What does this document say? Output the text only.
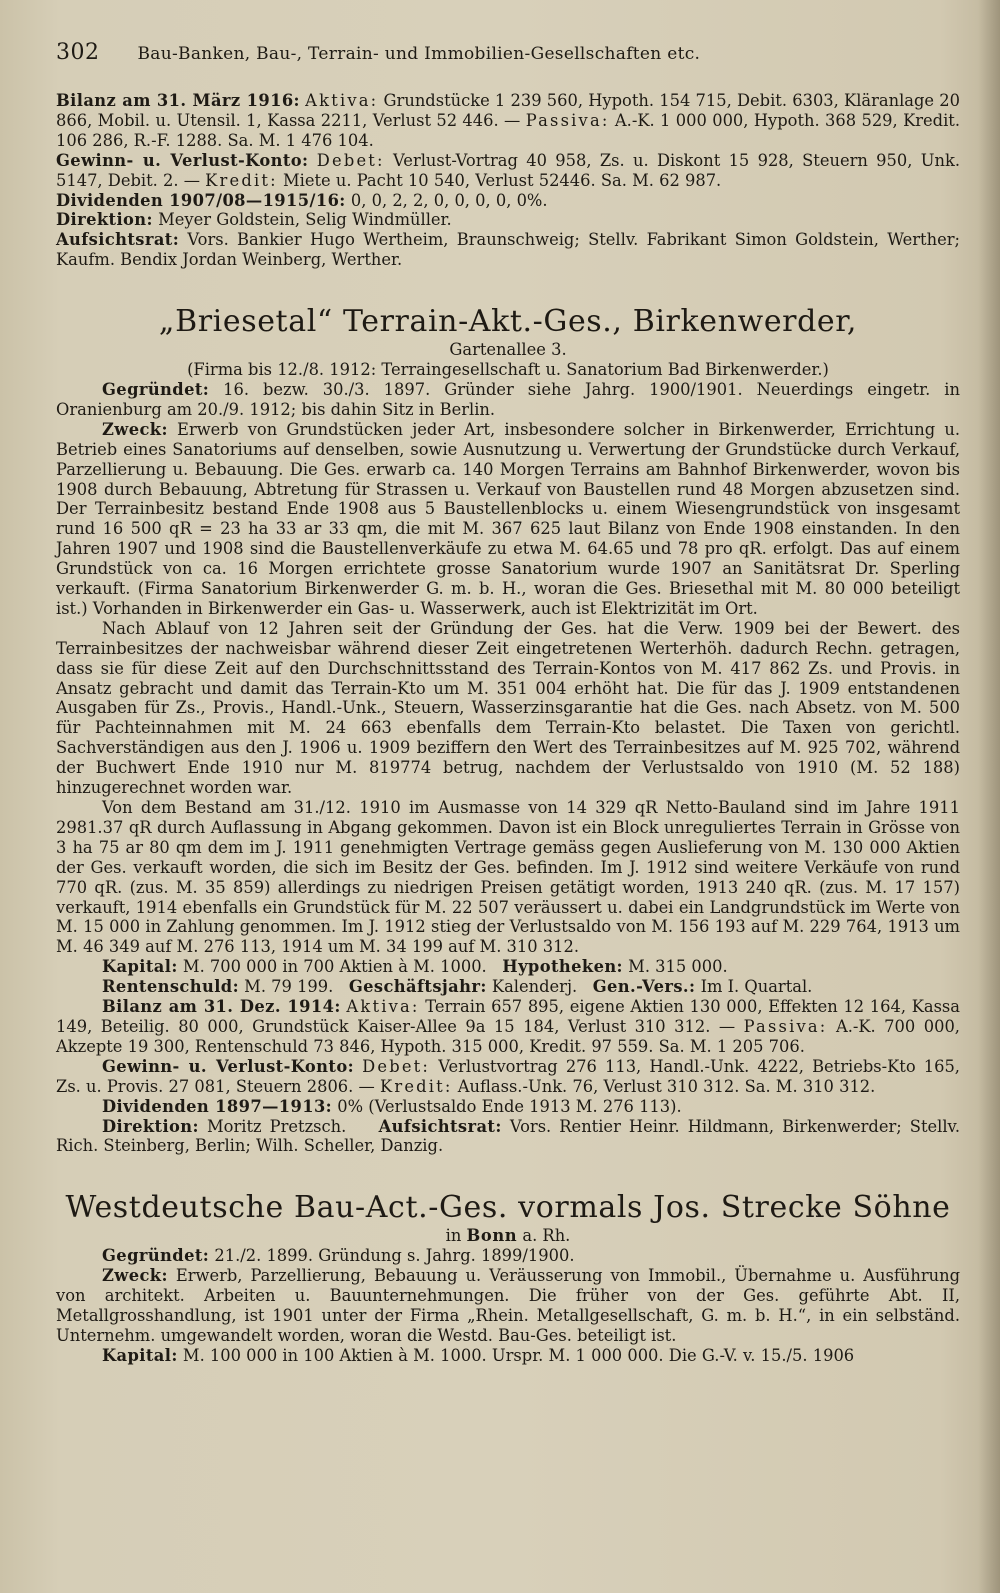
302 Bau-Banken, Bau-, Terrain- und Immobilien-Gesellschaften etc.

Bilanz am 31. März 1916: Aktiva: Grundstücke 1 239 560, Hypoth. 154 715, Debit. 6303, Kläranlage 20 866, Mobil. u. Utensil. 1, Kassa 2211, Verlust 52 446. — Passiva: A.-K. 1 000 000, Hypoth. 368 529, Kredit. 106 286, R.-F. 1288. Sa. M. 1 476 104.

Gewinn- u. Verlust-Konto: Debet: Verlust-Vortrag 40 958, Zs. u. Diskont 15 928, Steuern 950, Unk. 5147, Debit. 2. — Kredit: Miete u. Pacht 10 540, Verlust 52446. Sa. M. 62 987.

Dividenden 1907/08—1915/16: 0, 0, 2, 2, 0, 0, 0, 0, 0%.

Direktion: Meyer Goldstein, Selig Windmüller.

Aufsichtsrat: Vors. Bankier Hugo Wertheim, Braunschweig; Stellv. Fabrikant Simon Goldstein, Werther; Kaufm. Bendix Jordan Weinberg, Werther.

„Briesetal“ Terrain-Akt.-Ges., Birkenwerder,

Gartenallee 3.

(Firma bis 12./8. 1912: Terraingesellschaft u. Sanatorium Bad Birkenwerder.)

Gegründet: 16. bezw. 30./3. 1897. Gründer siehe Jahrg. 1900/1901. Neuerdings eingetr. in Oranienburg am 20./9. 1912; bis dahin Sitz in Berlin.

Zweck: Erwerb von Grundstücken jeder Art, insbesondere solcher in Birkenwerder, Errichtung u. Betrieb eines Sanatoriums auf denselben, sowie Ausnutzung u. Verwertung der Grundstücke durch Verkauf, Parzellierung u. Bebauung. Die Ges. erwarb ca. 140 Morgen Terrains am Bahnhof Birkenwerder, wovon bis 1908 durch Bebauung, Abtretung für Strassen u. Verkauf von Baustellen rund 48 Morgen abzusetzen sind. Der Terrainbesitz bestand Ende 1908 aus 5 Baustellenblocks u. einem Wiesengrundstück von insgesamt rund 16 500 qR = 23 ha 33 ar 33 qm, die mit M. 367 625 laut Bilanz von Ende 1908 einstanden. In den Jahren 1907 und 1908 sind die Baustellenverkäufe zu etwa M. 64.65 und 78 pro qR. erfolgt. Das auf einem Grundstück von ca. 16 Morgen errichtete grosse Sanatorium wurde 1907 an Sanitätsrat Dr. Sperling verkauft. (Firma Sanatorium Birkenwerder G. m. b. H., woran die Ges. Briesethal mit M. 80 000 beteiligt ist.) Vorhanden in Birkenwerder ein Gas- u. Wasserwerk, auch ist Elektrizität im Ort.

Nach Ablauf von 12 Jahren seit der Gründung der Ges. hat die Verw. 1909 bei der Bewert. des Terrainbesitzes der nachweisbar während dieser Zeit eingetretenen Werterhöh. dadurch Rechn. getragen, dass sie für diese Zeit auf den Durchschnittsstand des Terrain-Kontos von M. 417 862 Zs. und Provis. in Ansatz gebracht und damit das Terrain-Kto um M. 351 004 erhöht hat. Die für das J. 1909 entstandenen Ausgaben für Zs., Provis., Handl.-Unk., Steuern, Wasserzinsgarantie hat die Ges. nach Absetz. von M. 500 für Pachteinnahmen mit M. 24 663 ebenfalls dem Terrain-Kto belastet. Die Taxen von gerichtl. Sachverständigen aus den J. 1906 u. 1909 beziffern den Wert des Terrainbesitzes auf M. 925 702, während der Buchwert Ende 1910 nur M. 819774 betrug, nachdem der Verlustsaldo von 1910 (M. 52 188) hinzugerechnet worden war.

Von dem Bestand am 31./12. 1910 im Ausmasse von 14 329 qR Netto-Bauland sind im Jahre 1911 2981.37 qR durch Auflassung in Abgang gekommen. Davon ist ein Block unreguliertes Terrain in Grösse von 3 ha 75 ar 80 qm dem im J. 1911 genehmigten Vertrage gemäss gegen Auslieferung von M. 130 000 Aktien der Ges. verkauft worden, die sich im Besitz der Ges. befinden. Im J. 1912 sind weitere Verkäufe von rund 770 qR. (zus. M. 35 859) allerdings zu niedrigen Preisen getätigt worden, 1913 240 qR. (zus. M. 17 157) verkauft, 1914 ebenfalls ein Grundstück für M. 22 507 veräussert u. dabei ein Landgrundstück im Werte von M. 15 000 in Zahlung genommen. Im J. 1912 stieg der Verlustsaldo von M. 156 193 auf M. 229 764, 1913 um M. 46 349 auf M. 276 113, 1914 um M. 34 199 auf M. 310 312.

Kapital: M. 700 000 in 700 Aktien à M. 1000. Hypotheken: M. 315 000.

Rentenschuld: M. 79 199. Geschäftsjahr: Kalenderj. Gen.-Vers.: Im I. Quartal.

Bilanz am 31. Dez. 1914: Aktiva: Terrain 657 895, eigene Aktien 130 000, Effekten 12 164, Kassa 149, Beteilig. 80 000, Grundstück Kaiser-Allee 9a 15 184, Verlust 310 312. — Passiva: A.-K. 700 000, Akzepte 19 300, Rentenschuld 73 846, Hypoth. 315 000, Kredit. 97 559. Sa. M. 1 205 706.

Gewinn- u. Verlust-Konto: Debet: Verlustvortrag 276 113, Handl.-Unk. 4222, Betriebs-Kto 165, Zs. u. Provis. 27 081, Steuern 2806. — Kredit: Auflass.-Unk. 76, Verlust 310 312. Sa. M. 310 312.

Dividenden 1897—1913: 0% (Verlustsaldo Ende 1913 M. 276 113).

Direktion: Moritz Pretzsch. Aufsichtsrat: Vors. Rentier Heinr. Hildmann, Birkenwerder; Stellv. Rich. Steinberg, Berlin; Wilh. Scheller, Danzig.

Westdeutsche Bau-Act.-Ges. vormals Jos. Strecke Söhne

in Bonn a. Rh.

Gegründet: 21./2. 1899. Gründung s. Jahrg. 1899/1900.

Zweck: Erwerb, Parzellierung, Bebauung u. Veräusserung von Immobil., Übernahme u. Ausführung von architekt. Arbeiten u. Bauunternehmungen. Die früher von der Ges. geführte Abt. II, Metallgrosshandlung, ist 1901 unter der Firma „Rhein. Metallgesellschaft, G. m. b. H.“, in ein selbständ. Unternehm. umgewandelt worden, woran die Westd. Bau-Ges. beteiligt ist.

Kapital: M. 100 000 in 100 Aktien à M. 1000. Urspr. M. 1 000 000. Die G.-V. v. 15./5. 1906
